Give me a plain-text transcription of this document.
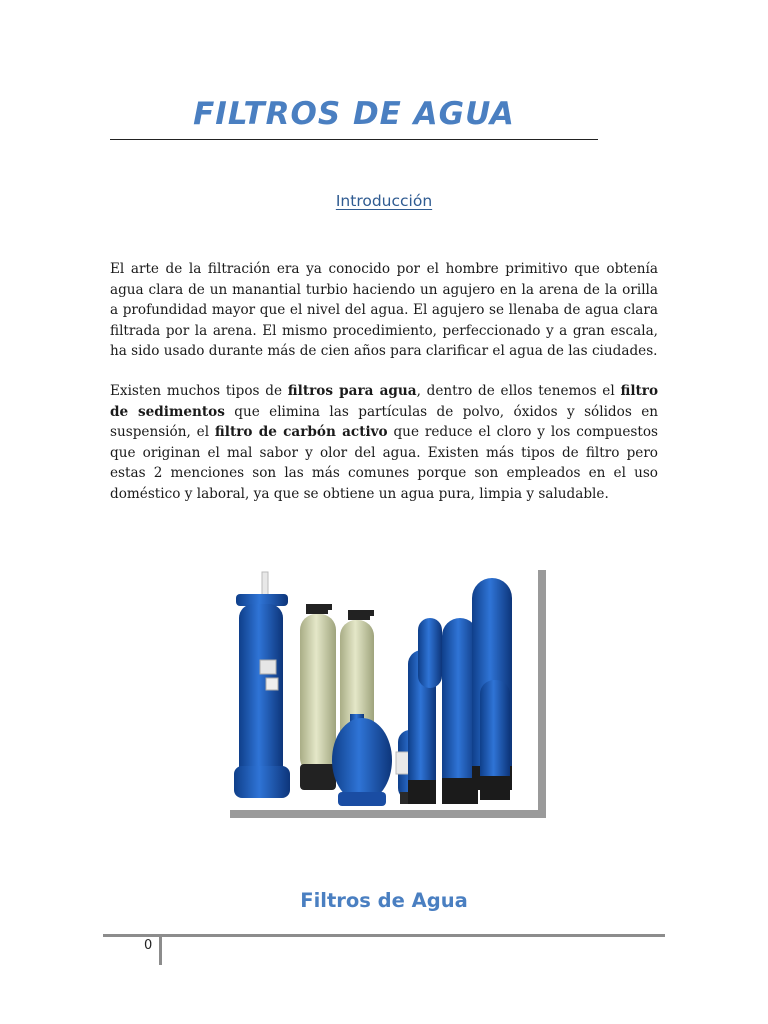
FILTROS DE AGUA
Introducción

El arte de la filtración era ya conocido por el hombre primitivo que obtenía agua clara de un manantial turbio haciendo un agujero en la arena de la orilla a profundidad mayor que el nivel del agua. El agujero se llenaba de agua clara filtrada por la arena. El mismo procedimiento, perfeccionado y a gran escala, ha sido usado durante más de cien años para clarificar el agua de las ciudades.

Existen muchos tipos de filtros para agua, dentro de ellos tenemos el filtro de sedimentos que elimina las partículas de polvo, óxidos y sólidos en suspensión, el filtro de carbón activo que reduce el cloro y los compuestos que originan el mal sabor y olor del agua. Existen más tipos de filtro pero estas 2 menciones son las más comunes porque son empleados en el uso doméstico y laboral, ya que se obtiene un agua pura, limpia y saludable.

Filtros de Agua
0
